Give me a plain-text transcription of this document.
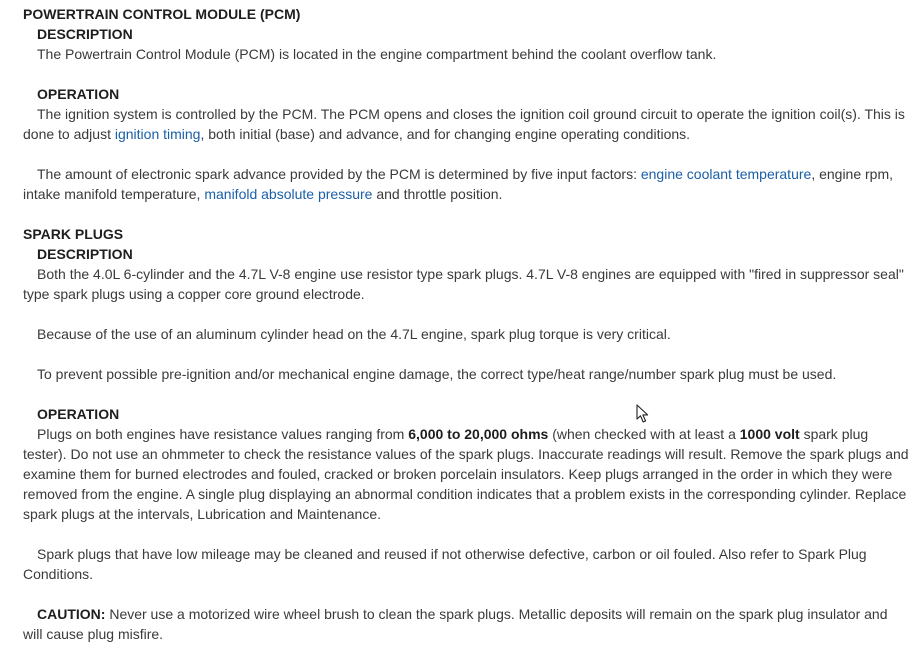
POWERTRAIN CONTROL MODULE (PCM)
DESCRIPTION

The Powertrain Control Module (PCM) is located in the engine compartment behind the coolant overflow tank.

OPERATION

The ignition system is controlled by the PCM. The PCM opens and closes the ignition coil ground circuit to operate the ignition coil(s). This is done to adjust ignition timing, both initial (base) and advance, and for changing engine operating conditions.

The amount of electronic spark advance provided by the PCM is determined by five input factors: engine coolant temperature, engine rpm, intake manifold temperature, manifold absolute pressure and throttle position.

SPARK PLUGS
DESCRIPTION

Both the 4.0L 6-cylinder and the 4.7L V-8 engine use resistor type spark plugs. 4.7L V-8 engines are equipped with "fired in suppressor seal" type spark plugs using a copper core ground electrode.

Because of the use of an aluminum cylinder head on the 4.7L engine, spark plug torque is very critical.

To prevent possible pre-ignition and/or mechanical engine damage, the correct type/heat range/number spark plug must be used.

OPERATION

Plugs on both engines have resistance values ranging from 6,000 to 20,000 ohms (when checked with at least a 1000 volt spark plug tester). Do not use an ohmmeter to check the resistance values of the spark plugs. Inaccurate readings will result. Remove the spark plugs and examine them for burned electrodes and fouled, cracked or broken porcelain insulators. Keep plugs arranged in the order in which they were removed from the engine. A single plug displaying an abnormal condition indicates that a problem exists in the corresponding cylinder. Replace spark plugs at the intervals, Lubrication and Maintenance.

Spark plugs that have low mileage may be cleaned and reused if not otherwise defective, carbon or oil fouled. Also refer to Spark Plug Conditions.

CAUTION: Never use a motorized wire wheel brush to clean the spark plugs. Metallic deposits will remain on the spark plug insulator and will cause plug misfire.
